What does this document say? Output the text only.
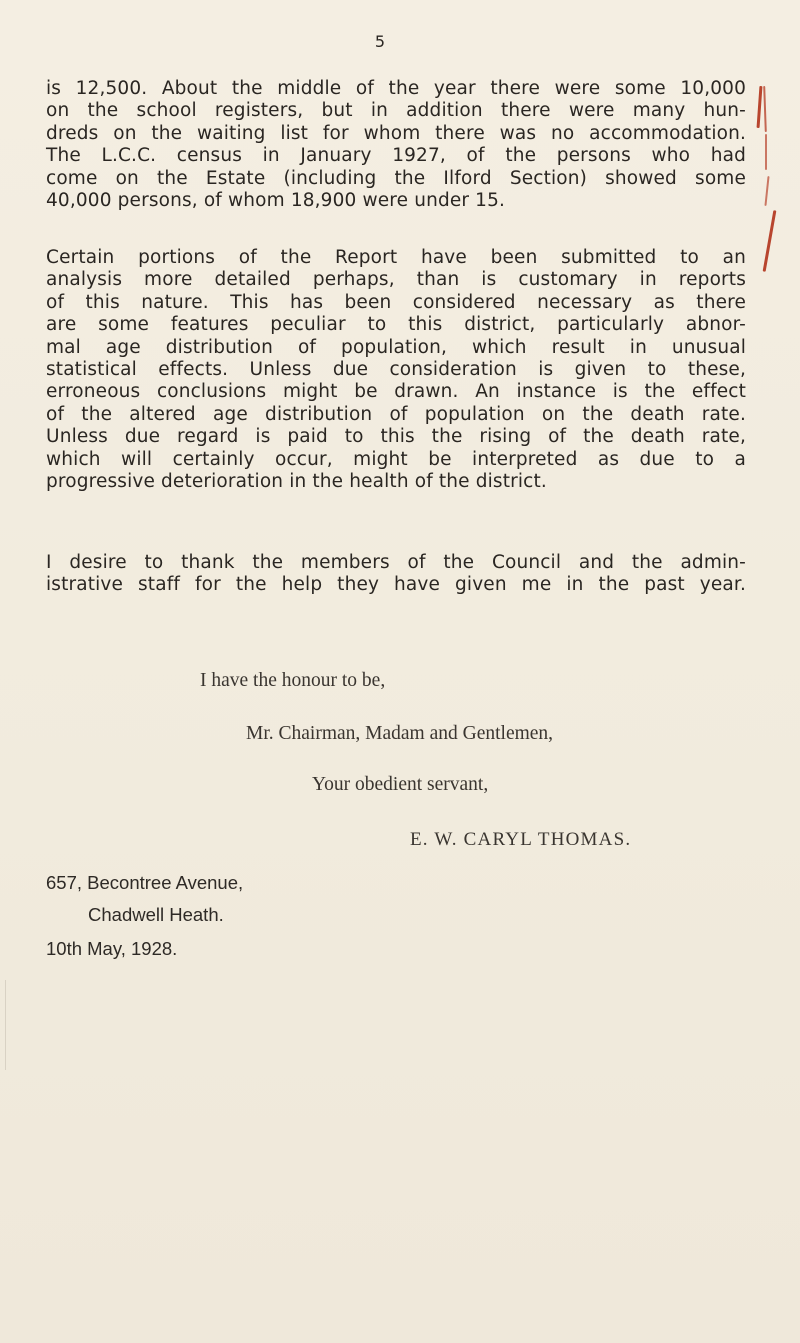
5
is 12,500. About the middle of the year there were some 10,000
on the school registers, but in addition there were many hun-
dreds on the waiting list for whom there was no accommodation.
The L.C.C. census in January 1927, of the persons who had
come on the Estate (including the Ilford Section) showed some
40,000 persons, of whom 18,900 were under 15.
Certain portions of the Report have been submitted to an
analysis more detailed perhaps, than is customary in reports
of this nature. This has been considered necessary as there
are some features peculiar to this district, particularly abnor-
mal age distribution of population, which result in unusual
statistical effects. Unless due consideration is given to these,
erroneous conclusions might be drawn. An instance is the effect
of the altered age distribution of population on the death rate.
Unless due regard is paid to this the rising of the death rate,
which will certainly occur, might be interpreted as due to a
progressive deterioration in the health of the district.
I desire to thank the members of the Council and the admin-
istrative staff for the help they have given me in the past year.
I have the honour to be,
Mr. Chairman, Madam and Gentlemen,
Your obedient servant,
E. W. CARYL THOMAS.
657, Becontree Avenue,
Chadwell Heath.
10th May, 1928.
